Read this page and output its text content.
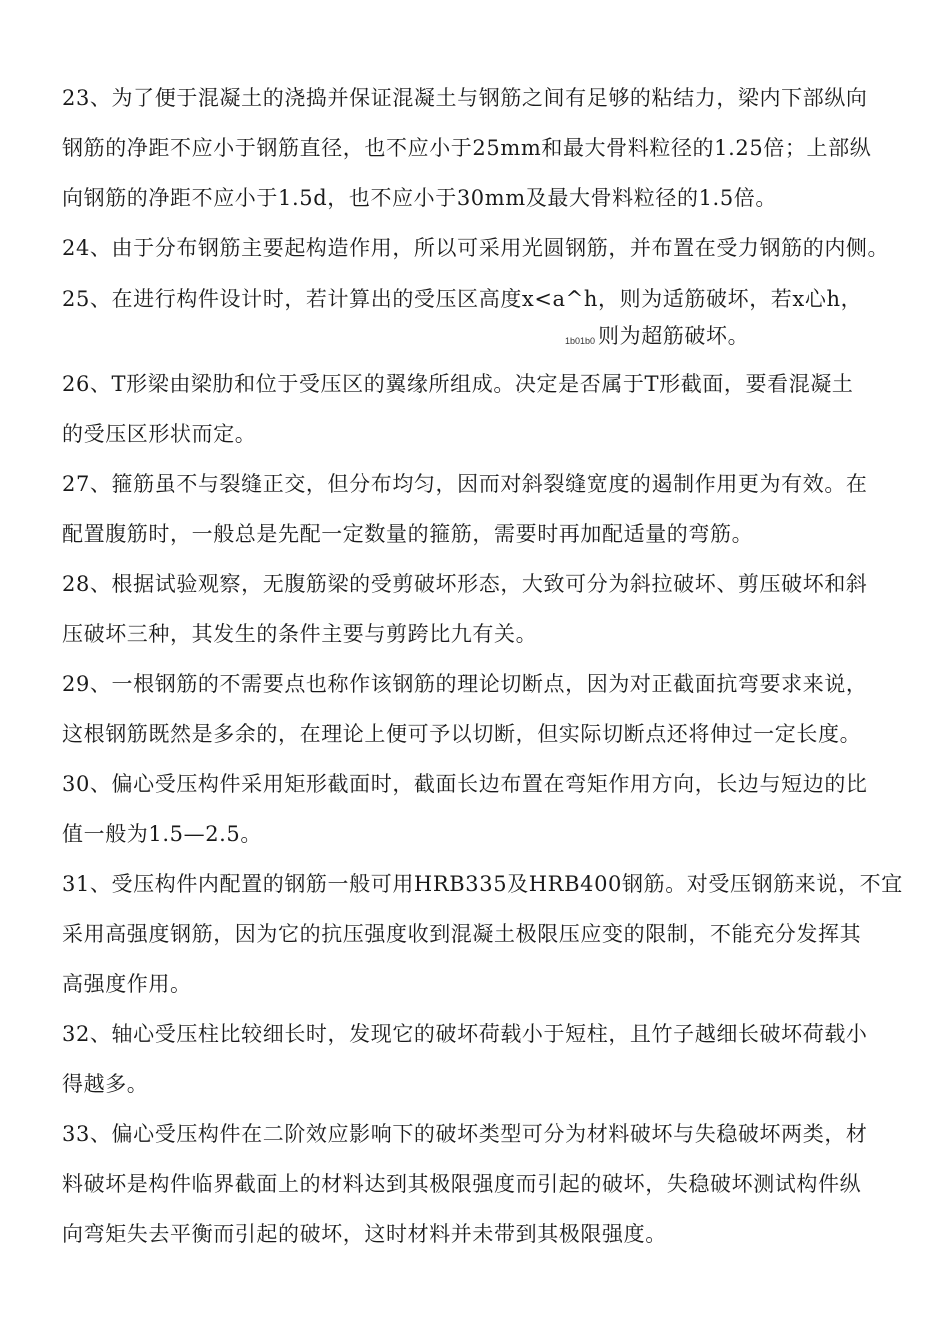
23、为了便于混凝土的浇捣并保证混凝土与钢筋之间有足够的粘结力，梁内下部纵向
钢筋的净距不应小于钢筋直径，也不应小于25mm和最大骨料粒径的1.25倍；上部纵
向钢筋的净距不应小于1.5d，也不应小于30mm及最大骨料粒径的1.5倍。
24、由于分布钢筋主要起构造作用，所以可采用光圆钢筋，并布置在受力钢筋的内侧。
25、在进行构件设计时，若计算出的受压区高度x<a^h，则为适筋破坏，若x心h，
1b01b0 则为超筋破坏。
26、T形梁由梁肋和位于受压区的翼缘所组成。决定是否属于T形截面，要看混凝土
的受压区形状而定。
27、箍筋虽不与裂缝正交，但分布均匀，因而对斜裂缝宽度的遏制作用更为有效。在
配置腹筋时，一般总是先配一定数量的箍筋，需要时再加配适量的弯筋。
28、根据试验观察，无腹筋梁的受剪破坏形态，大致可分为斜拉破坏、剪压破坏和斜
压破坏三种，其发生的条件主要与剪跨比九有关。
29、一根钢筋的不需要点也称作该钢筋的理论切断点，因为对正截面抗弯要求来说，
这根钢筋既然是多余的，在理论上便可予以切断，但实际切断点还将伸过一定长度。
30、偏心受压构件采用矩形截面时，截面长边布置在弯矩作用方向，长边与短边的比
值一般为1.5—2.5。
31、受压构件内配置的钢筋一般可用HRB335及HRB400钢筋。对受压钢筋来说，不宜
采用高强度钢筋，因为它的抗压强度收到混凝土极限压应变的限制，不能充分发挥其
高强度作用。
32、轴心受压柱比较细长时，发现它的破坏荷载小于短柱，且竹子越细长破坏荷载小
得越多。
33、偏心受压构件在二阶效应影响下的破坏类型可分为材料破坏与失稳破坏两类，材
料破坏是构件临界截面上的材料达到其极限强度而引起的破坏，失稳破坏测试构件纵
向弯矩失去平衡而引起的破坏，这时材料并未带到其极限强度。
